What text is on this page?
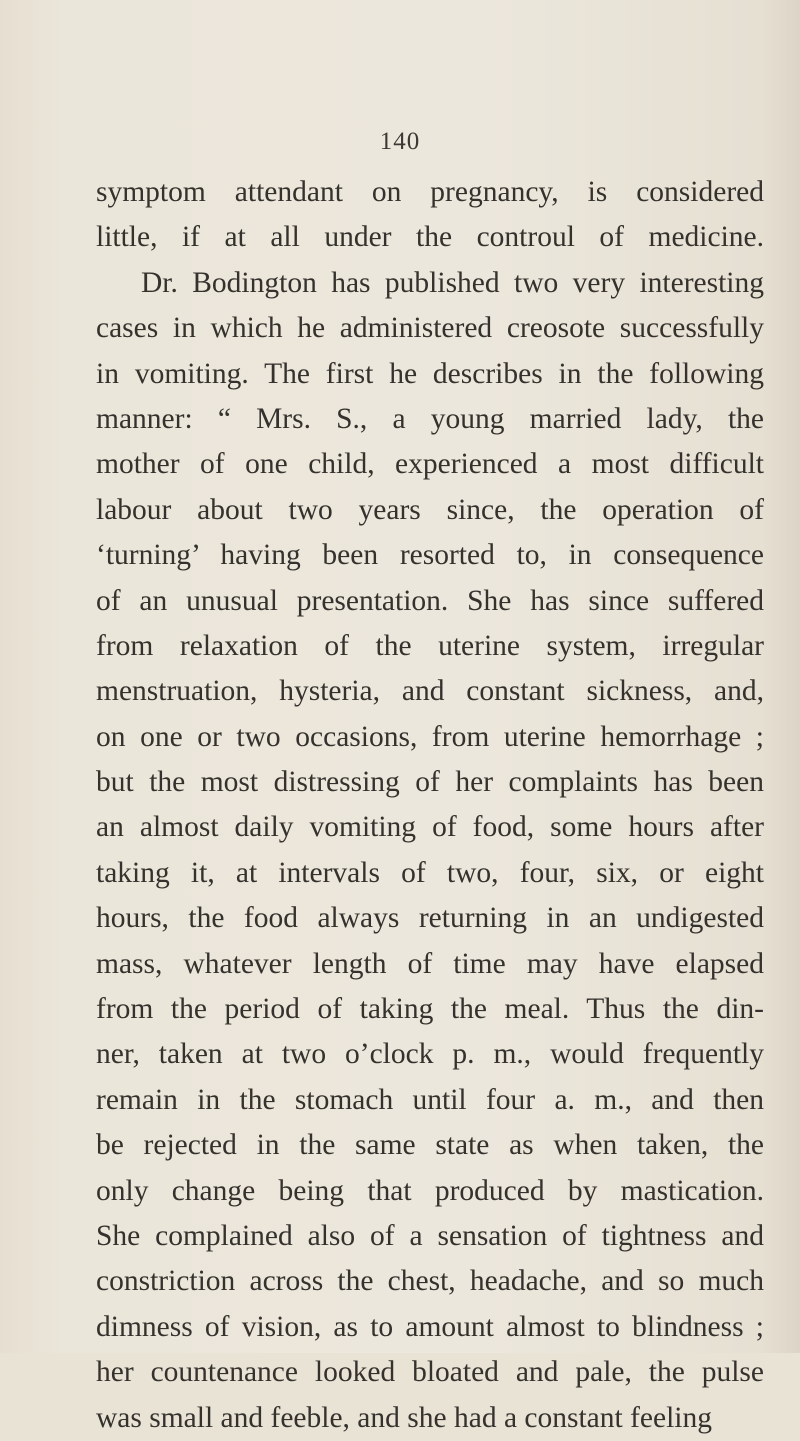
140
symptom attendant on pregnancy, is considered
little, if at all under the controul of medicine.
Dr. Bodington has published two very interesting
cases in which he administered creosote successfully
in vomiting. The first he describes in the following
manner: “ Mrs. S., a young married lady, the
mother of one child, experienced a most difficult
labour about two years since, the operation of
‘turning’ having been resorted to, in consequence
of an unusual presentation. She has since suffered
from relaxation of the uterine system, irregular
menstruation, hysteria, and constant sickness, and,
on one or two occasions, from uterine hemorrhage ;
but the most distressing of her complaints has been
an almost daily vomiting of food, some hours after
taking it, at intervals of two, four, six, or eight
hours, the food always returning in an undigested
mass, whatever length of time may have elapsed
from the period of taking the meal. Thus the din-
ner, taken at two o’clock p. m., would frequently
remain in the stomach until four a. m., and then
be rejected in the same state as when taken, the
only change being that produced by mastication.
She complained also of a sensation of tightness and
constriction across the chest, headache, and so much
dimness of vision, as to amount almost to blindness ;
her countenance looked bloated and pale, the pulse
was small and feeble, and she had a constant feeling
